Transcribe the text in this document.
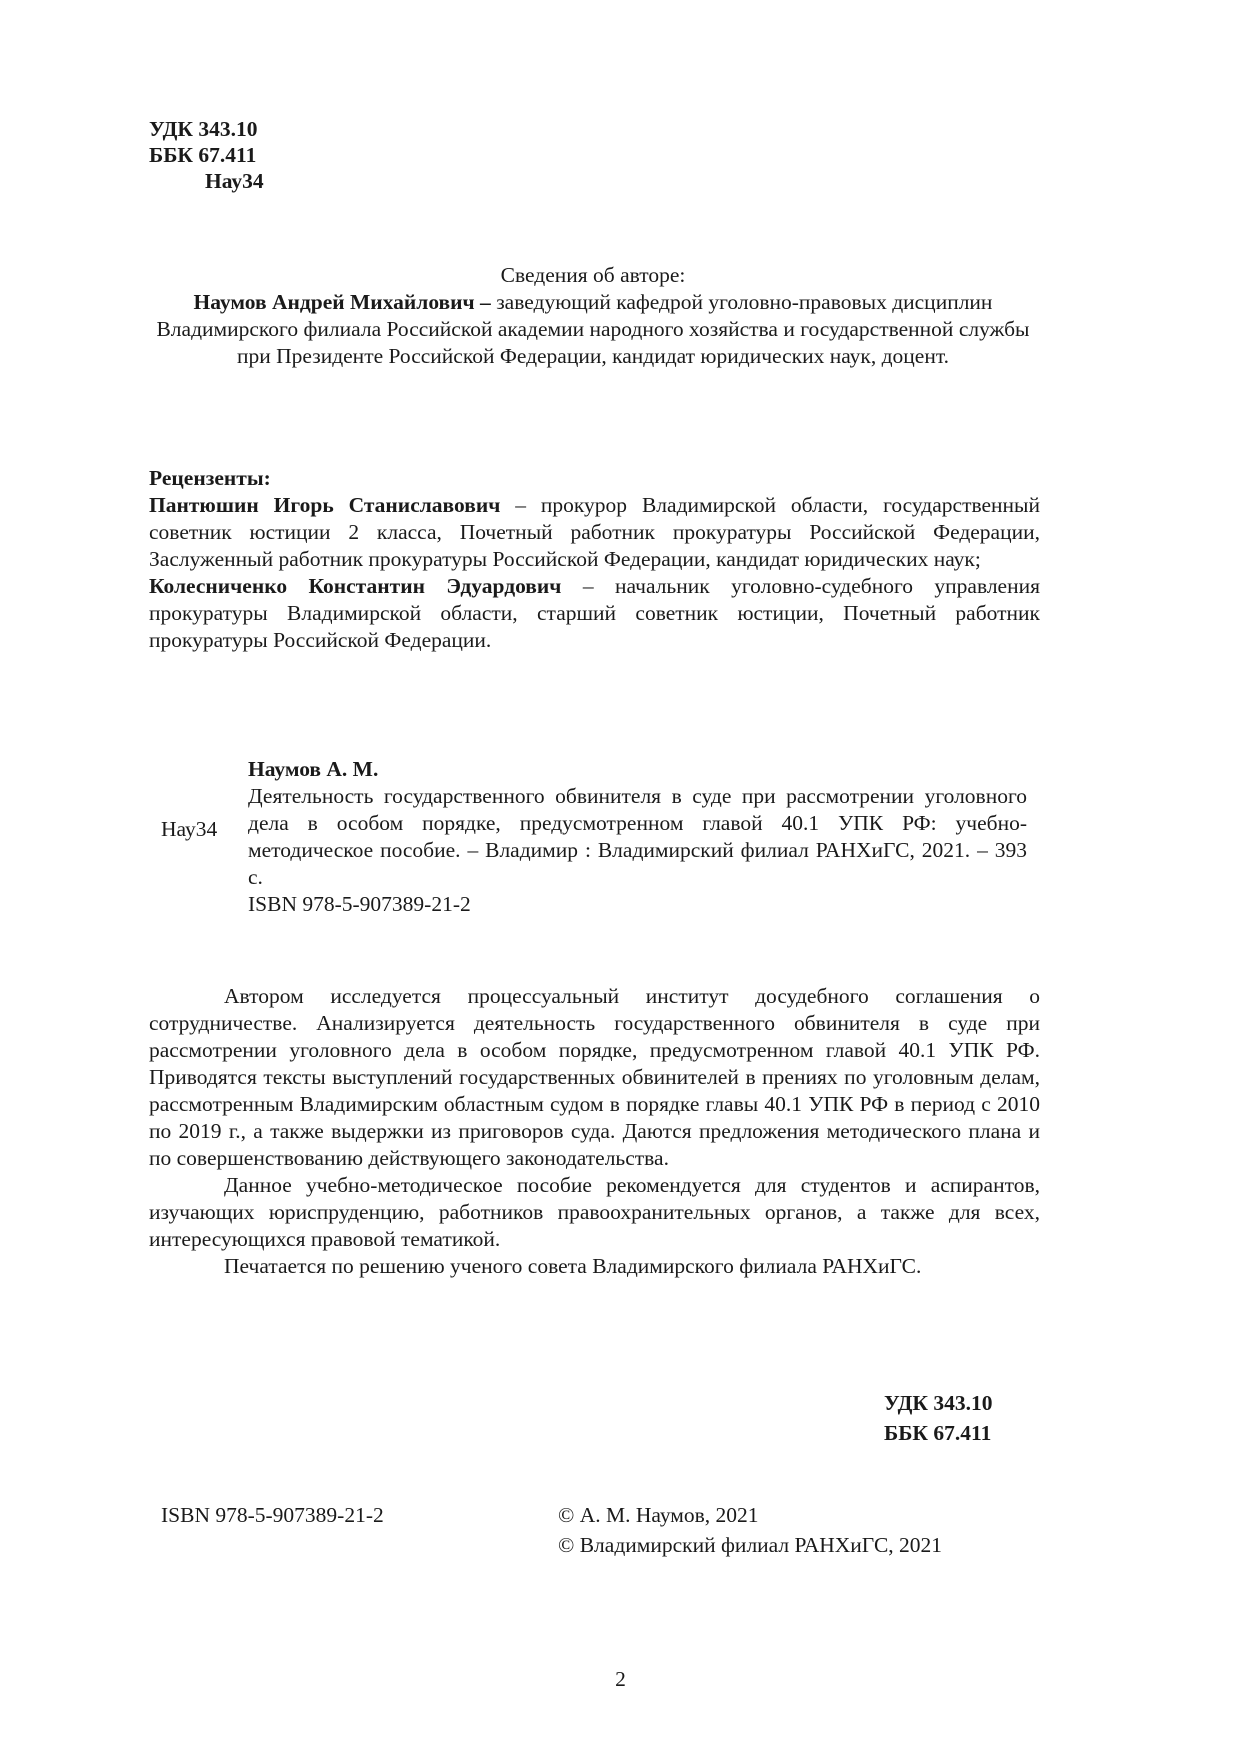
УДК 343.10
ББК 67.411
Нау34

Сведения об авторе:

Наумов Андрей Михайлович – заведующий кафедрой уголовно-правовых дисциплин Владимирского филиала Российской академии народного хозяйства и государственной службы при Президенте Российской Федерации, кандидат юридических наук, доцент.

Рецензенты:

Пантюшин Игорь Станиславович – прокурор Владимирской области, государственный советник юстиции 2 класса, Почетный работник прокуратуры Российской Федерации, Заслуженный работник прокуратуры Российской Федерации, кандидат юридических наук;

Колесниченко Константин Эдуардович – начальник уголовно-судебного управления прокуратуры Владимирской области, старший советник юстиции, Почетный работник прокуратуры Российской Федерации.

Нау34

Наумов А. М.

Деятельность государственного обвинителя в суде при рассмотрении уголовного дела в особом порядке, предусмотренном главой 40.1 УПК РФ: учебно-методическое пособие. – Владимир : Владимирский филиал РАНХиГС, 2021. – 393 с.

ISBN 978-5-907389-21-2

Автором исследуется процессуальный институт досудебного соглашения о сотрудничестве. Анализируется деятельность государственного обвинителя в суде при рассмотрении уголовного дела в особом порядке, предусмотренном главой 40.1 УПК РФ. Приводятся тексты выступлений государственных обвинителей в прениях по уголовным делам, рассмотренным Владимирским областным судом в порядке главы 40.1 УПК РФ в период с 2010 по 2019 г., а также выдержки из приговоров суда. Даются предложения методического плана и по совершенствованию действующего законодательства.

Данное учебно-методическое пособие рекомендуется для студентов и аспирантов, изучающих юриспруденцию, работников правоохранительных органов, а также для всех, интересующихся правовой тематикой.

Печатается по решению ученого совета Владимирского филиала РАНХиГС.

УДК 343.10
ББК 67.411
ISBN 978-5-907389-21-2	© А. М. Наумов, 2021
© Владимирский филиал РАНХиГС, 2021
2
